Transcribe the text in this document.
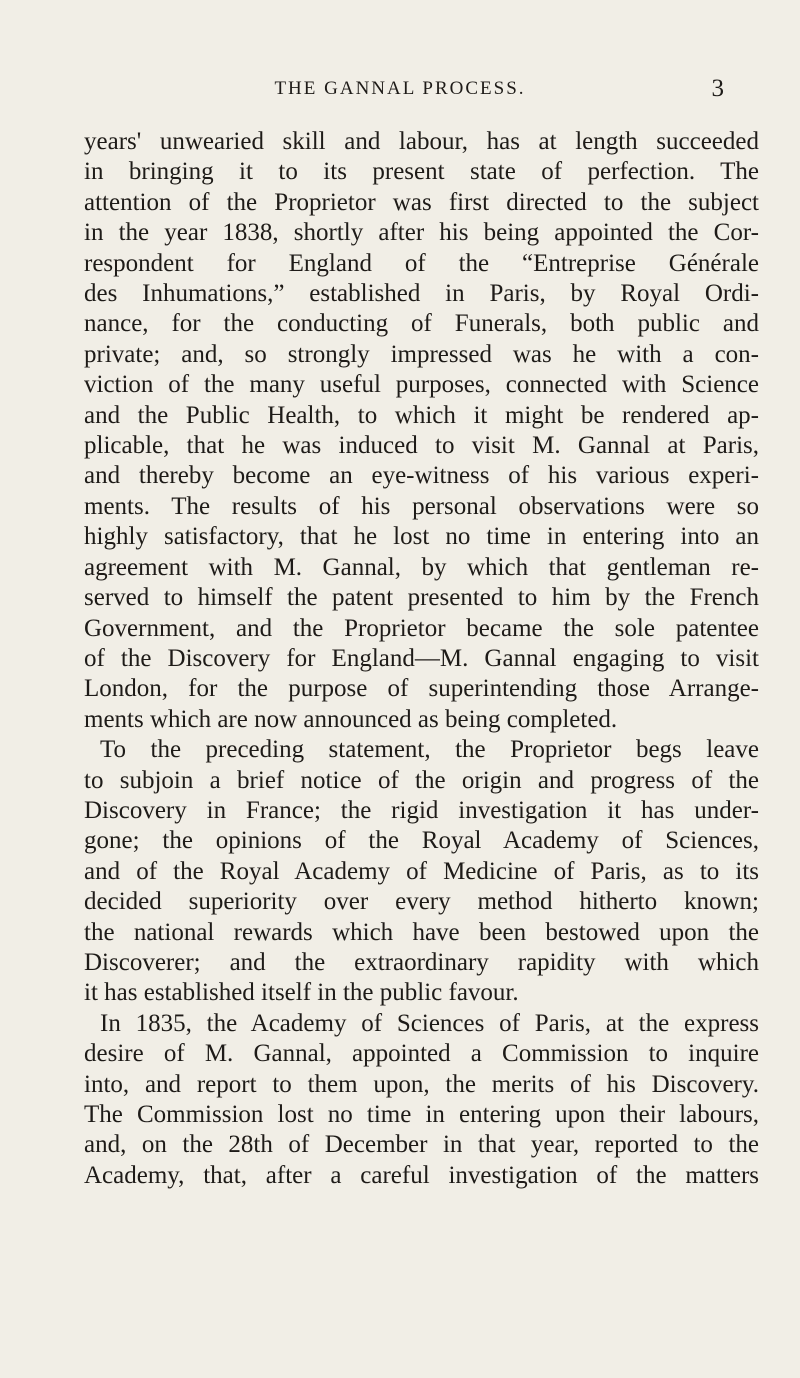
THE GANNAL PROCESS.	3
years' unwearied skill and labour, has at length succeeded
in bringing it to its present state of perfection. The
attention of the Proprietor was first directed to the subject
in the year 1838, shortly after his being appointed the Cor-
respondent for England of the “Entreprise Générale
des Inhumations,” established in Paris, by Royal Ordi-
nance, for the conducting of Funerals, both public and
private; and, so strongly impressed was he with a con-
viction of the many useful purposes, connected with Science
and the Public Health, to which it might be rendered ap-
plicable, that he was induced to visit M. Gannal at Paris,
and thereby become an eye-witness of his various experi-
ments. The results of his personal observations were so
highly satisfactory, that he lost no time in entering into an
agreement with M. Gannal, by which that gentleman re-
served to himself the patent presented to him by the French
Government, and the Proprietor became the sole patentee
of the Discovery for England—M. Gannal engaging to visit
London, for the purpose of superintending those Arrange-
ments which are now announced as being completed.
To the preceding statement, the Proprietor begs leave
to subjoin a brief notice of the origin and progress of the
Discovery in France; the rigid investigation it has under-
gone; the opinions of the Royal Academy of Sciences,
and of the Royal Academy of Medicine of Paris, as to its
decided superiority over every method hitherto known;
the national rewards which have been bestowed upon the
Discoverer; and the extraordinary rapidity with which
it has established itself in the public favour.
In 1835, the Academy of Sciences of Paris, at the express
desire of M. Gannal, appointed a Commission to inquire
into, and report to them upon, the merits of his Discovery.
The Commission lost no time in entering upon their labours,
and, on the 28th of December in that year, reported to the
Academy, that, after a careful investigation of the matters
